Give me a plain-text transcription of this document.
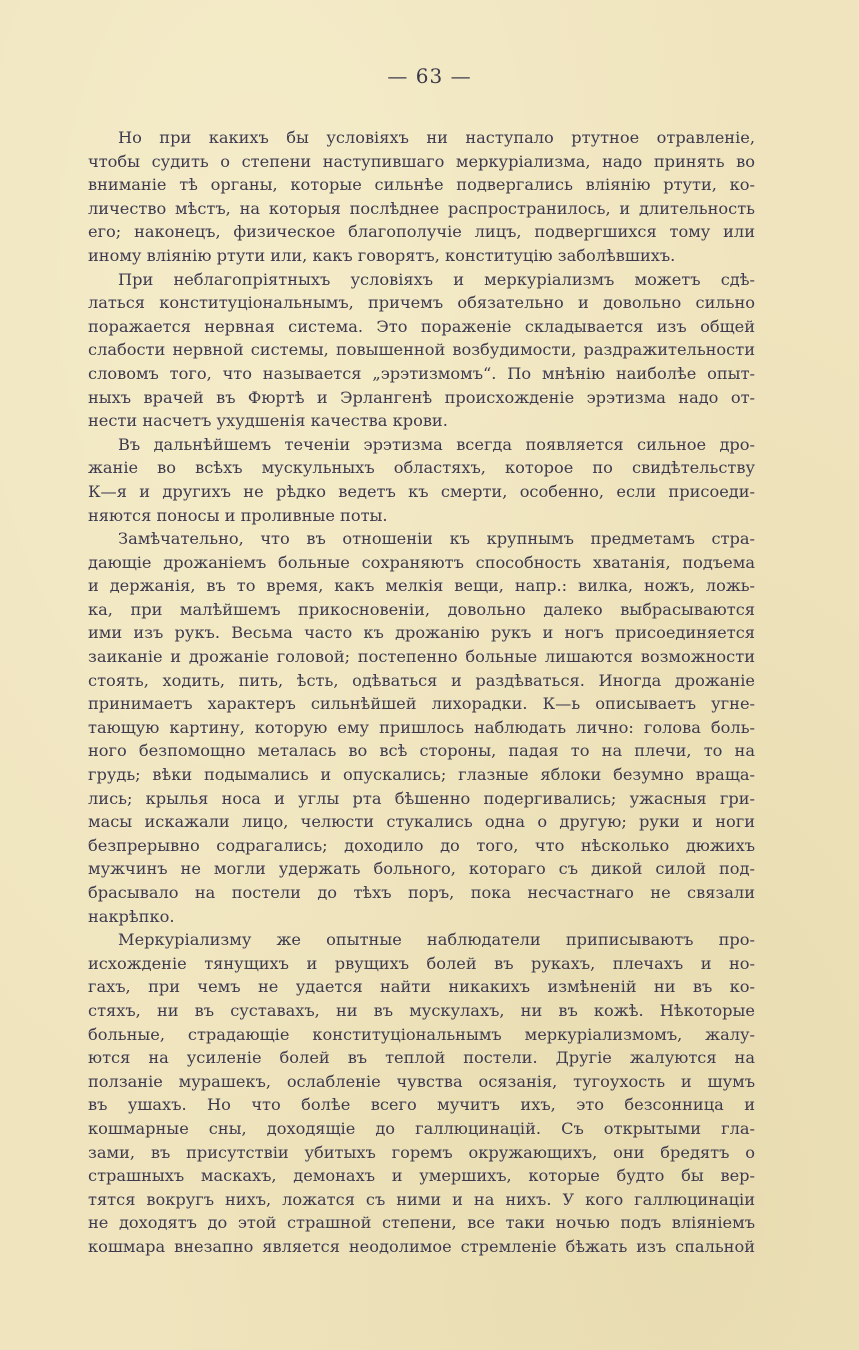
— 63 —
Но при какихъ бы условiяхъ ни наступало ртутное отравленiе,
чтобы судить о степени наступившаго меркурiализма, надо принять во
вниманiе тѣ органы, которые сильнѣе подвергались влiянiю ртути, ко-
личество мѣстъ, на которыя послѣднее распространилось, и длительность
его; наконецъ, физическое благополучiе лицъ, подвергшихся тому или
иному влiянiю ртути или, какъ говорятъ, конституцiю заболѣвшихъ.
При неблагопрiятныхъ условiяхъ и меркурiализмъ можетъ сдѣ-
латься конституцiональнымъ, причемъ обязательно и довольно сильно
поражается нервная система. Это пораженiе складывается изъ общей
слабости нервной системы, повышенной возбудимости, раздражительности
словомъ того, что называется „эрэтизмомъ“. По мнѣнiю наиболѣе опыт-
ныхъ врачей въ Фюртѣ и Эрлангенѣ происхожденiе эрэтизма надо от-
нести насчетъ ухудшенiя качества крови.
Въ дальнѣйшемъ теченiи эрэтизма всегда появляется сильное дро-
жанiе во всѣхъ мускульныхъ областяхъ, которое по свидѣтельству
К—я и другихъ не рѣдко ведетъ къ смерти, особенно, если присоеди-
няются поносы и проливные поты.
Замѣчательно, что въ отношенiи къ крупнымъ предметамъ стра-
дающiе дрожанiемъ больные сохраняютъ способность хватанiя, подъема
и держанiя, въ то время, какъ мелкiя вещи, напр.: вилка, ножъ, ложь-
ка, при малѣйшемъ прикосновенiи, довольно далеко выбрасываются
ими изъ рукъ. Весьма часто къ дрожанiю рукъ и ногъ присоединяется
заиканiе и дрожанiе головой; постепенно больные лишаются возможности
стоять, ходить, пить, ѣсть, одѣваться и раздѣваться. Иногда дрожанiе
принимаетъ характеръ сильнѣйшей лихорадки. К—ь описываетъ угне-
тающую картину, которую ему пришлось наблюдать лично: голова боль-
ного безпомощно металась во всѣ стороны, падая то на плечи, то на
грудь; вѣки подымались и опускались; глазные яблоки безумно враща-
лись; крылья носа и углы рта бѣшенно подергивались; ужасныя гри-
масы искажали лицо, челюсти стукались одна о другую; руки и ноги
безпрерывно содрагались; доходило до того, что нѣсколько дюжихъ
мужчинъ не могли удержать больного, котораго съ дикой силой под-
брасывало на постели до тѣхъ поръ, пока несчастнаго не связали
накрѣпко.
Меркурiализму же опытные наблюдатели приписываютъ про-
исхожденiе тянущихъ и рвущихъ болей въ рукахъ, плечахъ и но-
гахъ, при чемъ не удается найти никакихъ измѣненiй ни въ ко-
стяхъ, ни въ суставахъ, ни въ мускулахъ, ни въ кожѣ. Нѣкоторые
больные, страдающiе конституцiональнымъ меркурiализмомъ, жалу-
ются на усиленiе болей въ теплой постели. Другiе жалуются на
ползанiе мурашекъ, ослабленiе чувства осязанiя, тугоухость и шумъ
въ ушахъ. Но что болѣе всего мучитъ ихъ, это безсонница и
кошмарные сны, доходящiе до галлюцинацiй. Съ открытыми гла-
зами, въ присутствiи убитыхъ горемъ окружающихъ, они бредятъ о
страшныхъ маскахъ, демонахъ и умершихъ, которые будто бы вер-
тятся вокругъ нихъ, ложатся съ ними и на нихъ. У кого галлюцинацiи
не доходятъ до этой страшной степени, все таки ночью подъ влiянiемъ
кошмара внезапно является неодолимое стремленiе бѣжать изъ спальной
